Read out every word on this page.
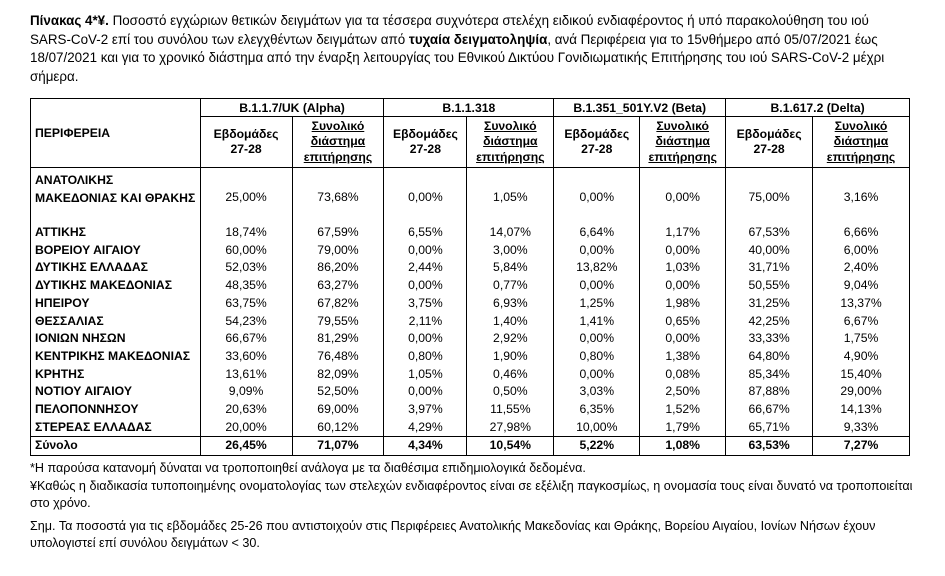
Πίνακας 4*¥. Ποσοστό εγχώριων θετικών δειγμάτων για τα τέσσερα συχνότερα στελέχη ειδικού ενδιαφέροντος ή υπό παρακολούθηση του ιού SARS-CoV-2 επί του συνόλου των ελεγχθέντων δειγμάτων από τυχαία δειγματοληψία, ανά Περιφέρεια για το 15νθήμερο από 05/07/2021 έως 18/07/2021 και για το χρονικό διάστημα από την έναρξη λειτουργίας του Εθνικού Δικτύου Γονιδιωματικής Επιτήρησης του ιού SARS-CoV-2 μέχρι σήμερα.
ΠΕΡΙΦΕΡΕΙΑ	B.1.1.7/UK (Alpha)		B.1.1.318		B.1.351_501Y.V2 (Beta)		B.1.617.2 (Delta)	
	Εβδομάδες 27-28	Συνολικό διάστημα επιτήρησης	Εβδομάδες 27-28	Συνολικό διάστημα επιτήρησης	Εβδομάδες 27-28	Συνολικό διάστημα επιτήρησης	Εβδομάδες 27-28	Συνολικό διάστημα επιτήρησης
ΑΝΑΤΟΛΙΚΗΣ ΜΑΚΕΔΟΝΙΑΣ ΚΑΙ ΘΡΑΚΗΣ	25,00%	73,68%	0,00%	1,05%	0,00%	0,00%	75,00%	3,16%
ΑΤΤΙΚΗΣ	18,74%	67,59%	6,55%	14,07%	6,64%	1,17%	67,53%	6,66%
ΒΟΡΕΙΟΥ ΑΙΓΑΙΟΥ	60,00%	79,00%	0,00%	3,00%	0,00%	0,00%	40,00%	6,00%
ΔΥΤΙΚΗΣ ΕΛΛΑΔΑΣ	52,03%	86,20%	2,44%	5,84%	13,82%	1,03%	31,71%	2,40%
ΔΥΤΙΚΗΣ ΜΑΚΕΔΟΝΙΑΣ	48,35%	63,27%	0,00%	0,77%	0,00%	0,00%	50,55%	9,04%
ΗΠΕΙΡΟΥ	63,75%	67,82%	3,75%	6,93%	1,25%	1,98%	31,25%	13,37%
ΘΕΣΣΑΛΙΑΣ	54,23%	79,55%	2,11%	1,40%	1,41%	0,65%	42,25%	6,67%
ΙΟΝΙΩΝ ΝΗΣΩΝ	66,67%	81,29%	0,00%	2,92%	0,00%	0,00%	33,33%	1,75%
ΚΕΝΤΡΙΚΗΣ ΜΑΚΕΔΟΝΙΑΣ	33,60%	76,48%	0,80%	1,90%	0,80%	1,38%	64,80%	4,90%
ΚΡΗΤΗΣ	13,61%	82,09%	1,05%	0,46%	0,00%	0,08%	85,34%	15,40%
ΝΟΤΙΟΥ ΑΙΓΑΙΟΥ	9,09%	52,50%	0,00%	0,50%	3,03%	2,50%	87,88%	29,00%
ΠΕΛΟΠΟΝΝΗΣΟΥ	20,63%	69,00%	3,97%	11,55%	6,35%	1,52%	66,67%	14,13%
ΣΤΕΡΕΑΣ ΕΛΛΑΔΑΣ	20,00%	60,12%	4,29%	27,98%	10,00%	1,79%	65,71%	9,33%
Σύνολο	26,45%	71,07%	4,34%	10,54%	5,22%	1,08%	63,53%	7,27%

*Η παρούσα κατανομή δύναται να τροποποιηθεί ανάλογα με τα διαθέσιμα επιδημιολογικά δεδομένα.

¥Καθώς η διαδικασία τυποποιημένης ονοματολογίας των στελεχών ενδιαφέροντος είναι σε εξέλιξη παγκοσμίως, η ονομασία τους είναι δυνατό να τροποποιείται στο χρόνο.

Σημ. Τα ποσοστά για τις εβδομάδες 25-26 που αντιστοιχούν στις Περιφέρειες Ανατολικής Μακεδονίας και Θράκης, Βορείου Αιγαίου, Ιονίων Νήσων έχουν υπολογιστεί επί συνόλου δειγμάτων < 30.
